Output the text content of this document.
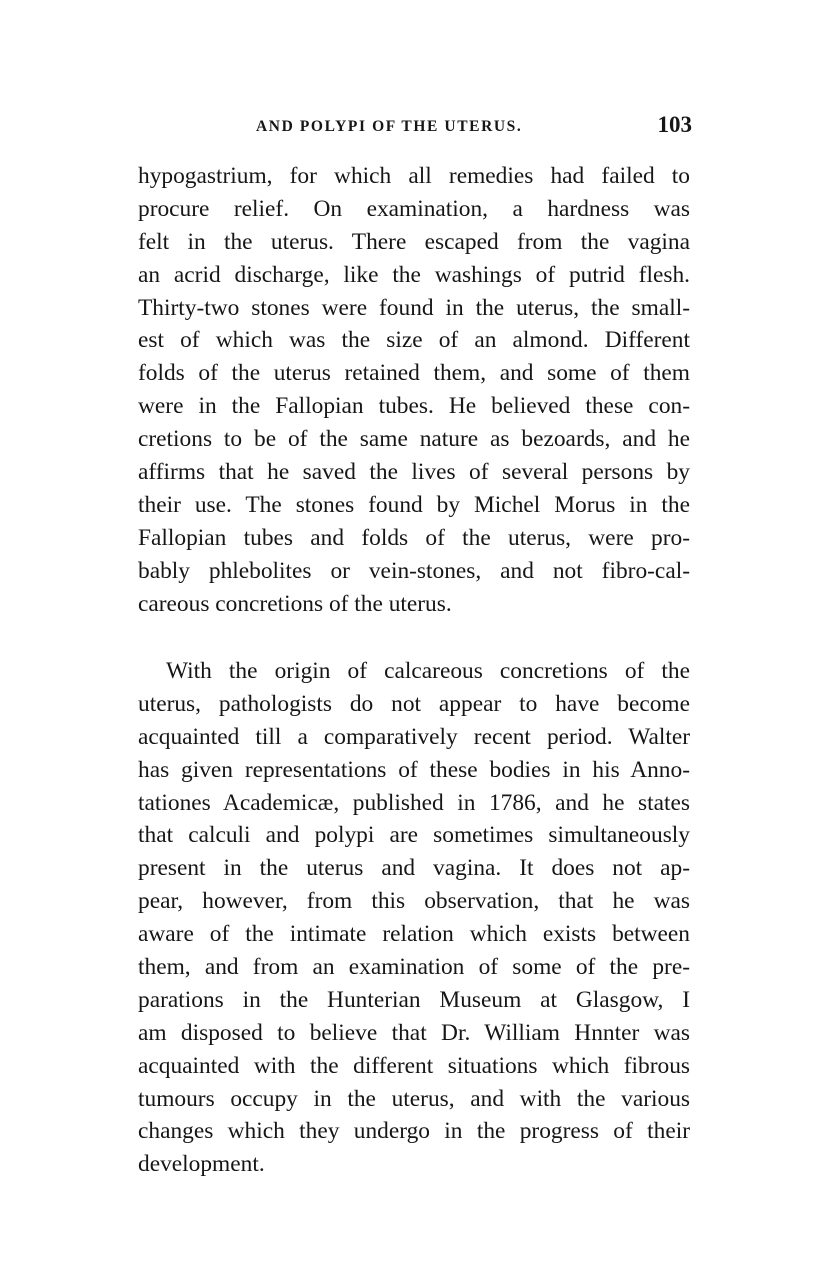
AND POLYPI OF THE UTERUS.	103
hypogastrium, for which all remedies had failed to
procure relief. On examination, a hardness was
felt in the uterus. There escaped from the vagina
an acrid discharge, like the washings of putrid flesh.
Thirty-two stones were found in the uterus, the small-
est of which was the size of an almond. Different
folds of the uterus retained them, and some of them
were in the Fallopian tubes. He believed these con-
cretions to be of the same nature as bezoards, and he
affirms that he saved the lives of several persons by
their use. The stones found by Michel Morus in the
Fallopian tubes and folds of the uterus, were pro-
bably phlebolites or vein-stones, and not fibro-cal-
careous concretions of the uterus.
With the origin of calcareous concretions of the
uterus, pathologists do not appear to have become
acquainted till a comparatively recent period. Walter
has given representations of these bodies in his Anno-
tationes Academicæ, published in 1786, and he states
that calculi and polypi are sometimes simultaneously
present in the uterus and vagina. It does not ap-
pear, however, from this observation, that he was
aware of the intimate relation which exists between
them, and from an examination of some of the pre-
parations in the Hunterian Museum at Glasgow, I
am disposed to believe that Dr. William Hnnter was
acquainted with the different situations which fibrous
tumours occupy in the uterus, and with the various
changes which they undergo in the progress of their
development.
